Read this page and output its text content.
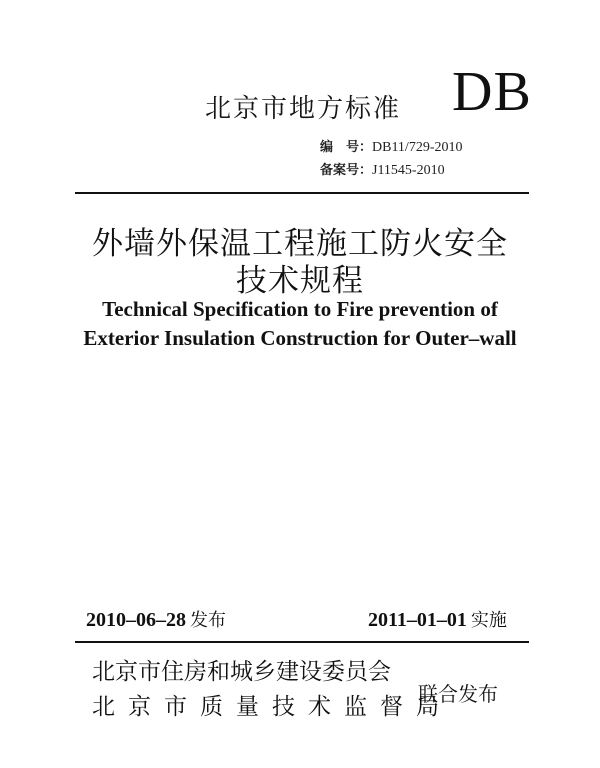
北京市地方标准 DB
编　号：DB11/729-2010
备案号：J11545-2010
外墙外保温工程施工防火安全
技术规程
Technical Specification to Fire prevention of
Exterior Insulation Construction for Outer–wall
2010–06–28 发布	2011–01–01 实施
北京市住房和城乡建设委员会
北京市质量技术监督局
联合发布
